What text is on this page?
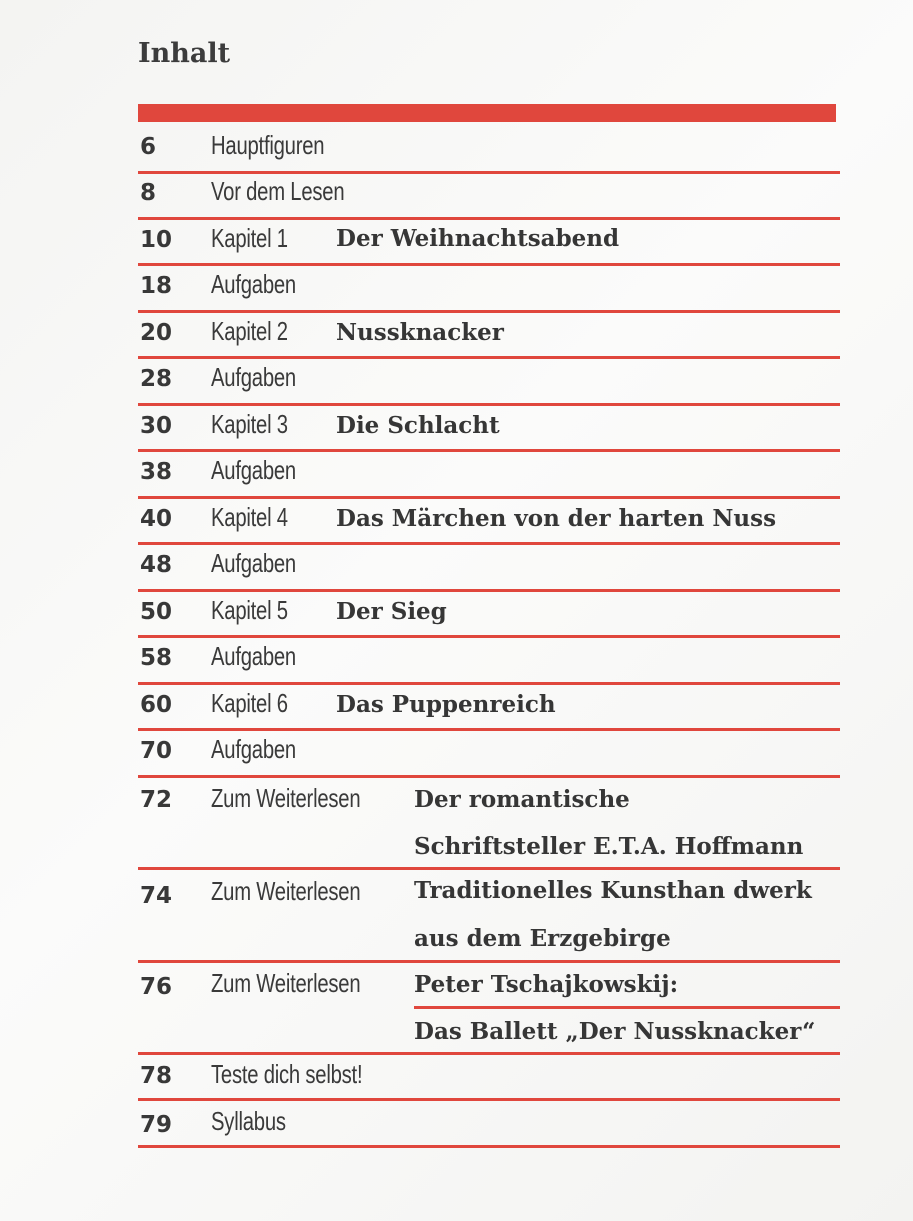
Inhalt
6 Hauptfiguren
8 Vor dem Lesen
10 Kapitel 1 Der Weihnachtsabend
18 Aufgaben
20 Kapitel 2 Nussknacker
28 Aufgaben
30 Kapitel 3 Die Schlacht
38 Aufgaben
40 Kapitel 4 Das Märchen von der harten Nuss
48 Aufgaben
50 Kapitel 5 Der Sieg
58 Aufgaben
60 Kapitel 6 Das Puppenreich
70 Aufgaben
72 Zum Weiterlesen Der romantische
Schriftsteller E.T.A. Hoffmann
74 Zum Weiterlesen Traditionelles Kunsthan dwerk
aus dem Erzgebirge
76 Zum Weiterlesen Peter Tschajkowskij:
Das Ballett „Der Nussknacker“
78 Teste dich selbst!
79 Syllabus
